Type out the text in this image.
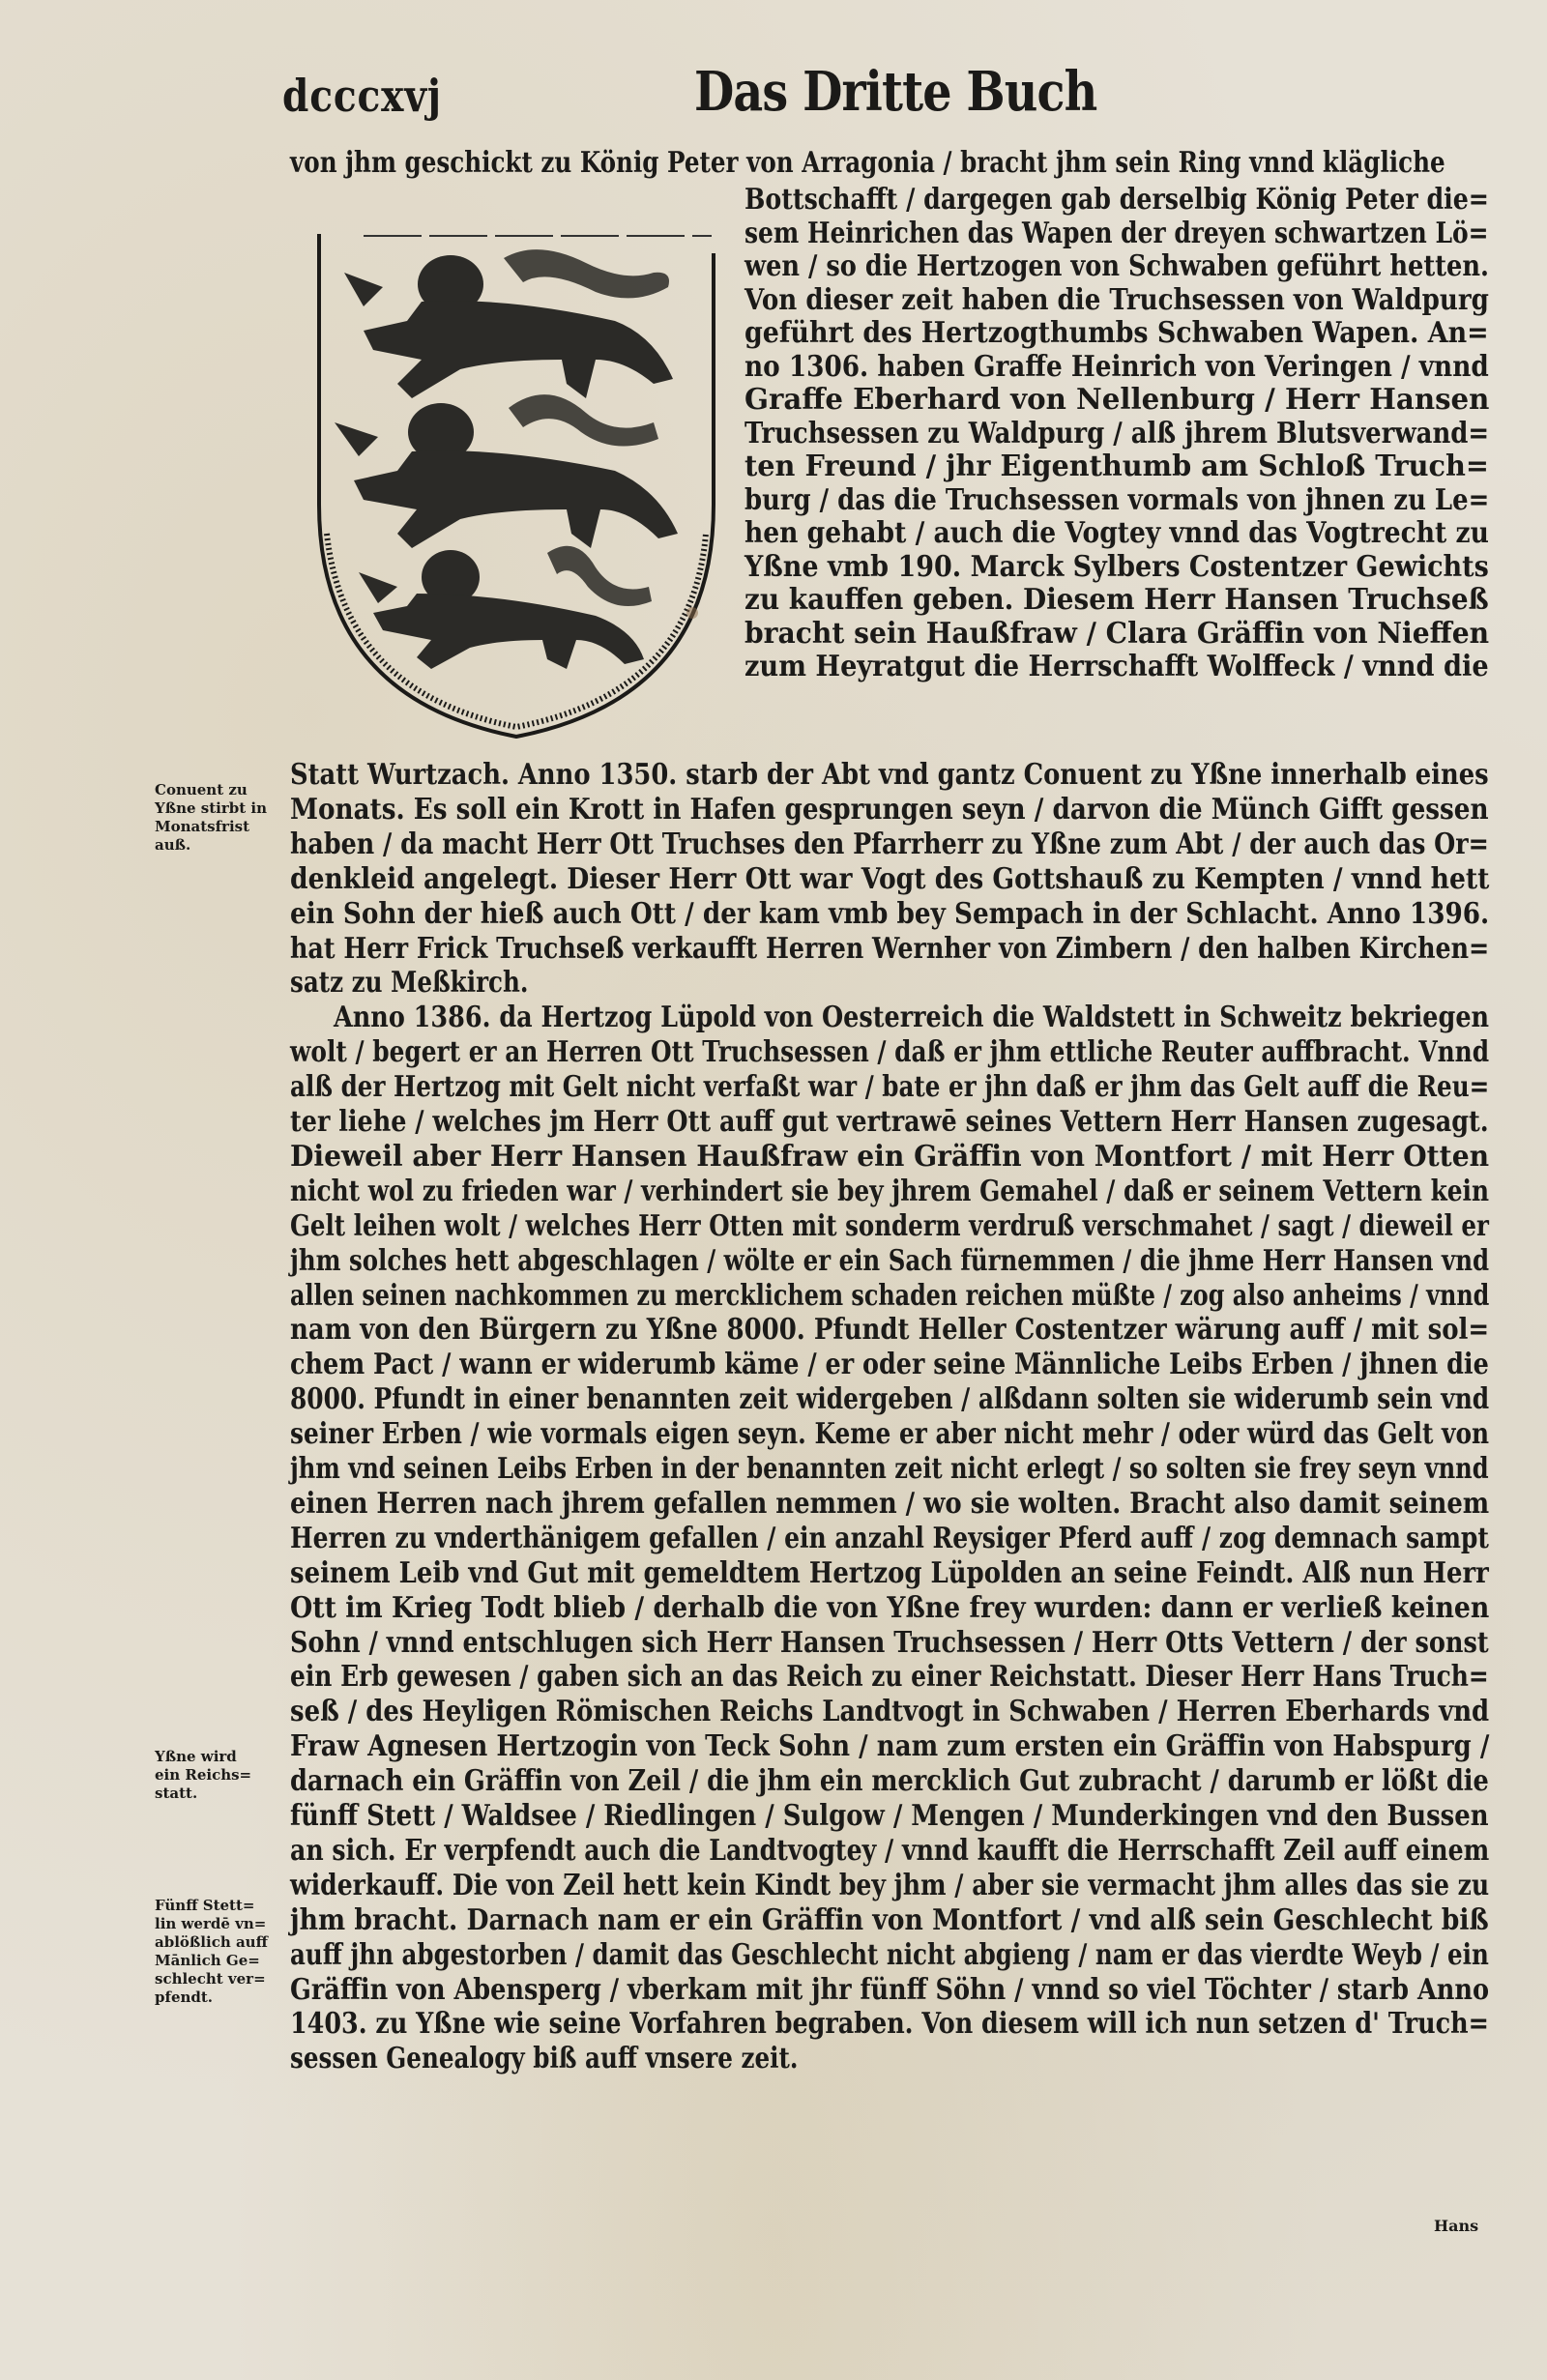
dcccxvj	Das Dritte Buch
von jhm geschickt zu König Peter von Arragonia / bracht jhm sein Ring vnnd klägliche
Bottschafft / dargegen gab derselbig König Peter die=
sem Heinrichen das Wapen der dreyen schwartzen Lö=
wen / so die Hertzogen von Schwaben geführt hetten.
Von dieser zeit haben die Truchsessen von Waldpurg
geführt des Hertzogthumbs Schwaben Wapen. An=
no 1306. haben Graffe Heinrich von Veringen / vnnd
Graffe Eberhard von Nellenburg / Herr Hansen
Truchsessen zu Waldpurg / alß jhrem Blutsverwand=
ten Freund / jhr Eigenthumb am Schloß Truch=
burg / das die Truchsessen vormals von jhnen zu Le=
hen gehabt / auch die Vogtey vnnd das Vogtrecht zu
Yßne vmb 190. Marck Sylbers Costentzer Gewichts
zu kauffen geben. Diesem Herr Hansen Truchseß
bracht sein Haußfraw / Clara Gräffin von Nieffen
zum Heyratgut die Herrschafft Wolffeck / vnnd die
Statt Wurtzach. Anno 1350. starb der Abt vnd gantz Conuent zu Yßne innerhalb eines
Monats. Es soll ein Krott in Hafen gesprungen seyn / darvon die Münch Gifft gessen
haben / da macht Herr Ott Truchses den Pfarrherr zu Yßne zum Abt / der auch das Or=
denkleid angelegt. Dieser Herr Ott war Vogt des Gottshauß zu Kempten / vnnd hett
ein Sohn der hieß auch Ott / der kam vmb bey Sempach in der Schlacht. Anno 1396.
hat Herr Frick Truchseß verkaufft Herren Wernher von Zimbern / den halben Kirchen=
satz zu Meßkirch.
Anno 1386. da Hertzog Lüpold von Oesterreich die Waldstett in Schweitz bekriegen
wolt / begert er an Herren Ott Truchsessen / daß er jhm ettliche Reuter auffbracht. Vnnd
alß der Hertzog mit Gelt nicht verfaßt war / bate er jhn daß er jhm das Gelt auff die Reu=
ter liehe / welches jm Herr Ott auff gut vertrawē seines Vettern Herr Hansen zugesagt.
Dieweil aber Herr Hansen Haußfraw ein Gräffin von Montfort / mit Herr Otten
nicht wol zu frieden war / verhindert sie bey jhrem Gemahel / daß er seinem Vettern kein
Gelt leihen wolt / welches Herr Otten mit sonderm verdruß verschmahet / sagt / dieweil er
jhm solches hett abgeschlagen / wölte er ein Sach fürnemmen / die jhme Herr Hansen vnd
allen seinen nachkommen zu mercklichem schaden reichen müßte / zog also anheims / vnnd
nam von den Bürgern zu Yßne 8000. Pfundt Heller Costentzer wärung auff / mit sol=
chem Pact / wann er widerumb käme / er oder seine Männliche Leibs Erben / jhnen die
8000. Pfundt in einer benannten zeit widergeben / alßdann solten sie widerumb sein vnd
seiner Erben / wie vormals eigen seyn. Keme er aber nicht mehr / oder würd das Gelt von
jhm vnd seinen Leibs Erben in der benannten zeit nicht erlegt / so solten sie frey seyn vnnd
einen Herren nach jhrem gefallen nemmen / wo sie wolten. Bracht also damit seinem
Herren zu vnderthänigem gefallen / ein anzahl Reysiger Pferd auff / zog demnach sampt
seinem Leib vnd Gut mit gemeldtem Hertzog Lüpolden an seine Feindt. Alß nun Herr
Ott im Krieg Todt blieb / derhalb die von Yßne frey wurden: dann er verließ keinen
Sohn / vnnd entschlugen sich Herr Hansen Truchsessen / Herr Otts Vettern / der sonst
ein Erb gewesen / gaben sich an das Reich zu einer Reichstatt. Dieser Herr Hans Truch=
seß / des Heyligen Römischen Reichs Landtvogt in Schwaben / Herren Eberhards vnd
Fraw Agnesen Hertzogin von Teck Sohn / nam zum ersten ein Gräffin von Habspurg /
darnach ein Gräffin von Zeil / die jhm ein mercklich Gut zubracht / darumb er lößt die
fünff Stett / Waldsee / Riedlingen / Sulgow / Mengen / Munderkingen vnd den Bussen
an sich. Er verpfendt auch die Landtvogtey / vnnd kaufft die Herrschafft Zeil auff einem
widerkauff. Die von Zeil hett kein Kindt bey jhm / aber sie vermacht jhm alles das sie zu
jhm bracht. Darnach nam er ein Gräffin von Montfort / vnd alß sein Geschlecht biß
auff jhn abgestorben / damit das Geschlecht nicht abgieng / nam er das vierdte Weyb / ein
Gräffin von Abensperg / vberkam mit jhr fünff Söhn / vnnd so viel Töchter / starb Anno
1403. zu Yßne wie seine Vorfahren begraben. Von diesem will ich nun setzen d' Truch=
sessen Genealogy biß auff vnsere zeit.
Conuent zu
Yßne stirbt in
Monatsfrist
auß.
Yßne wird
ein Reichs=
statt.
Fünff Stett=
lin werdē vn=
ablößlich auff
Mānlich Ge=
schlecht ver=
pfendt.
Hans
